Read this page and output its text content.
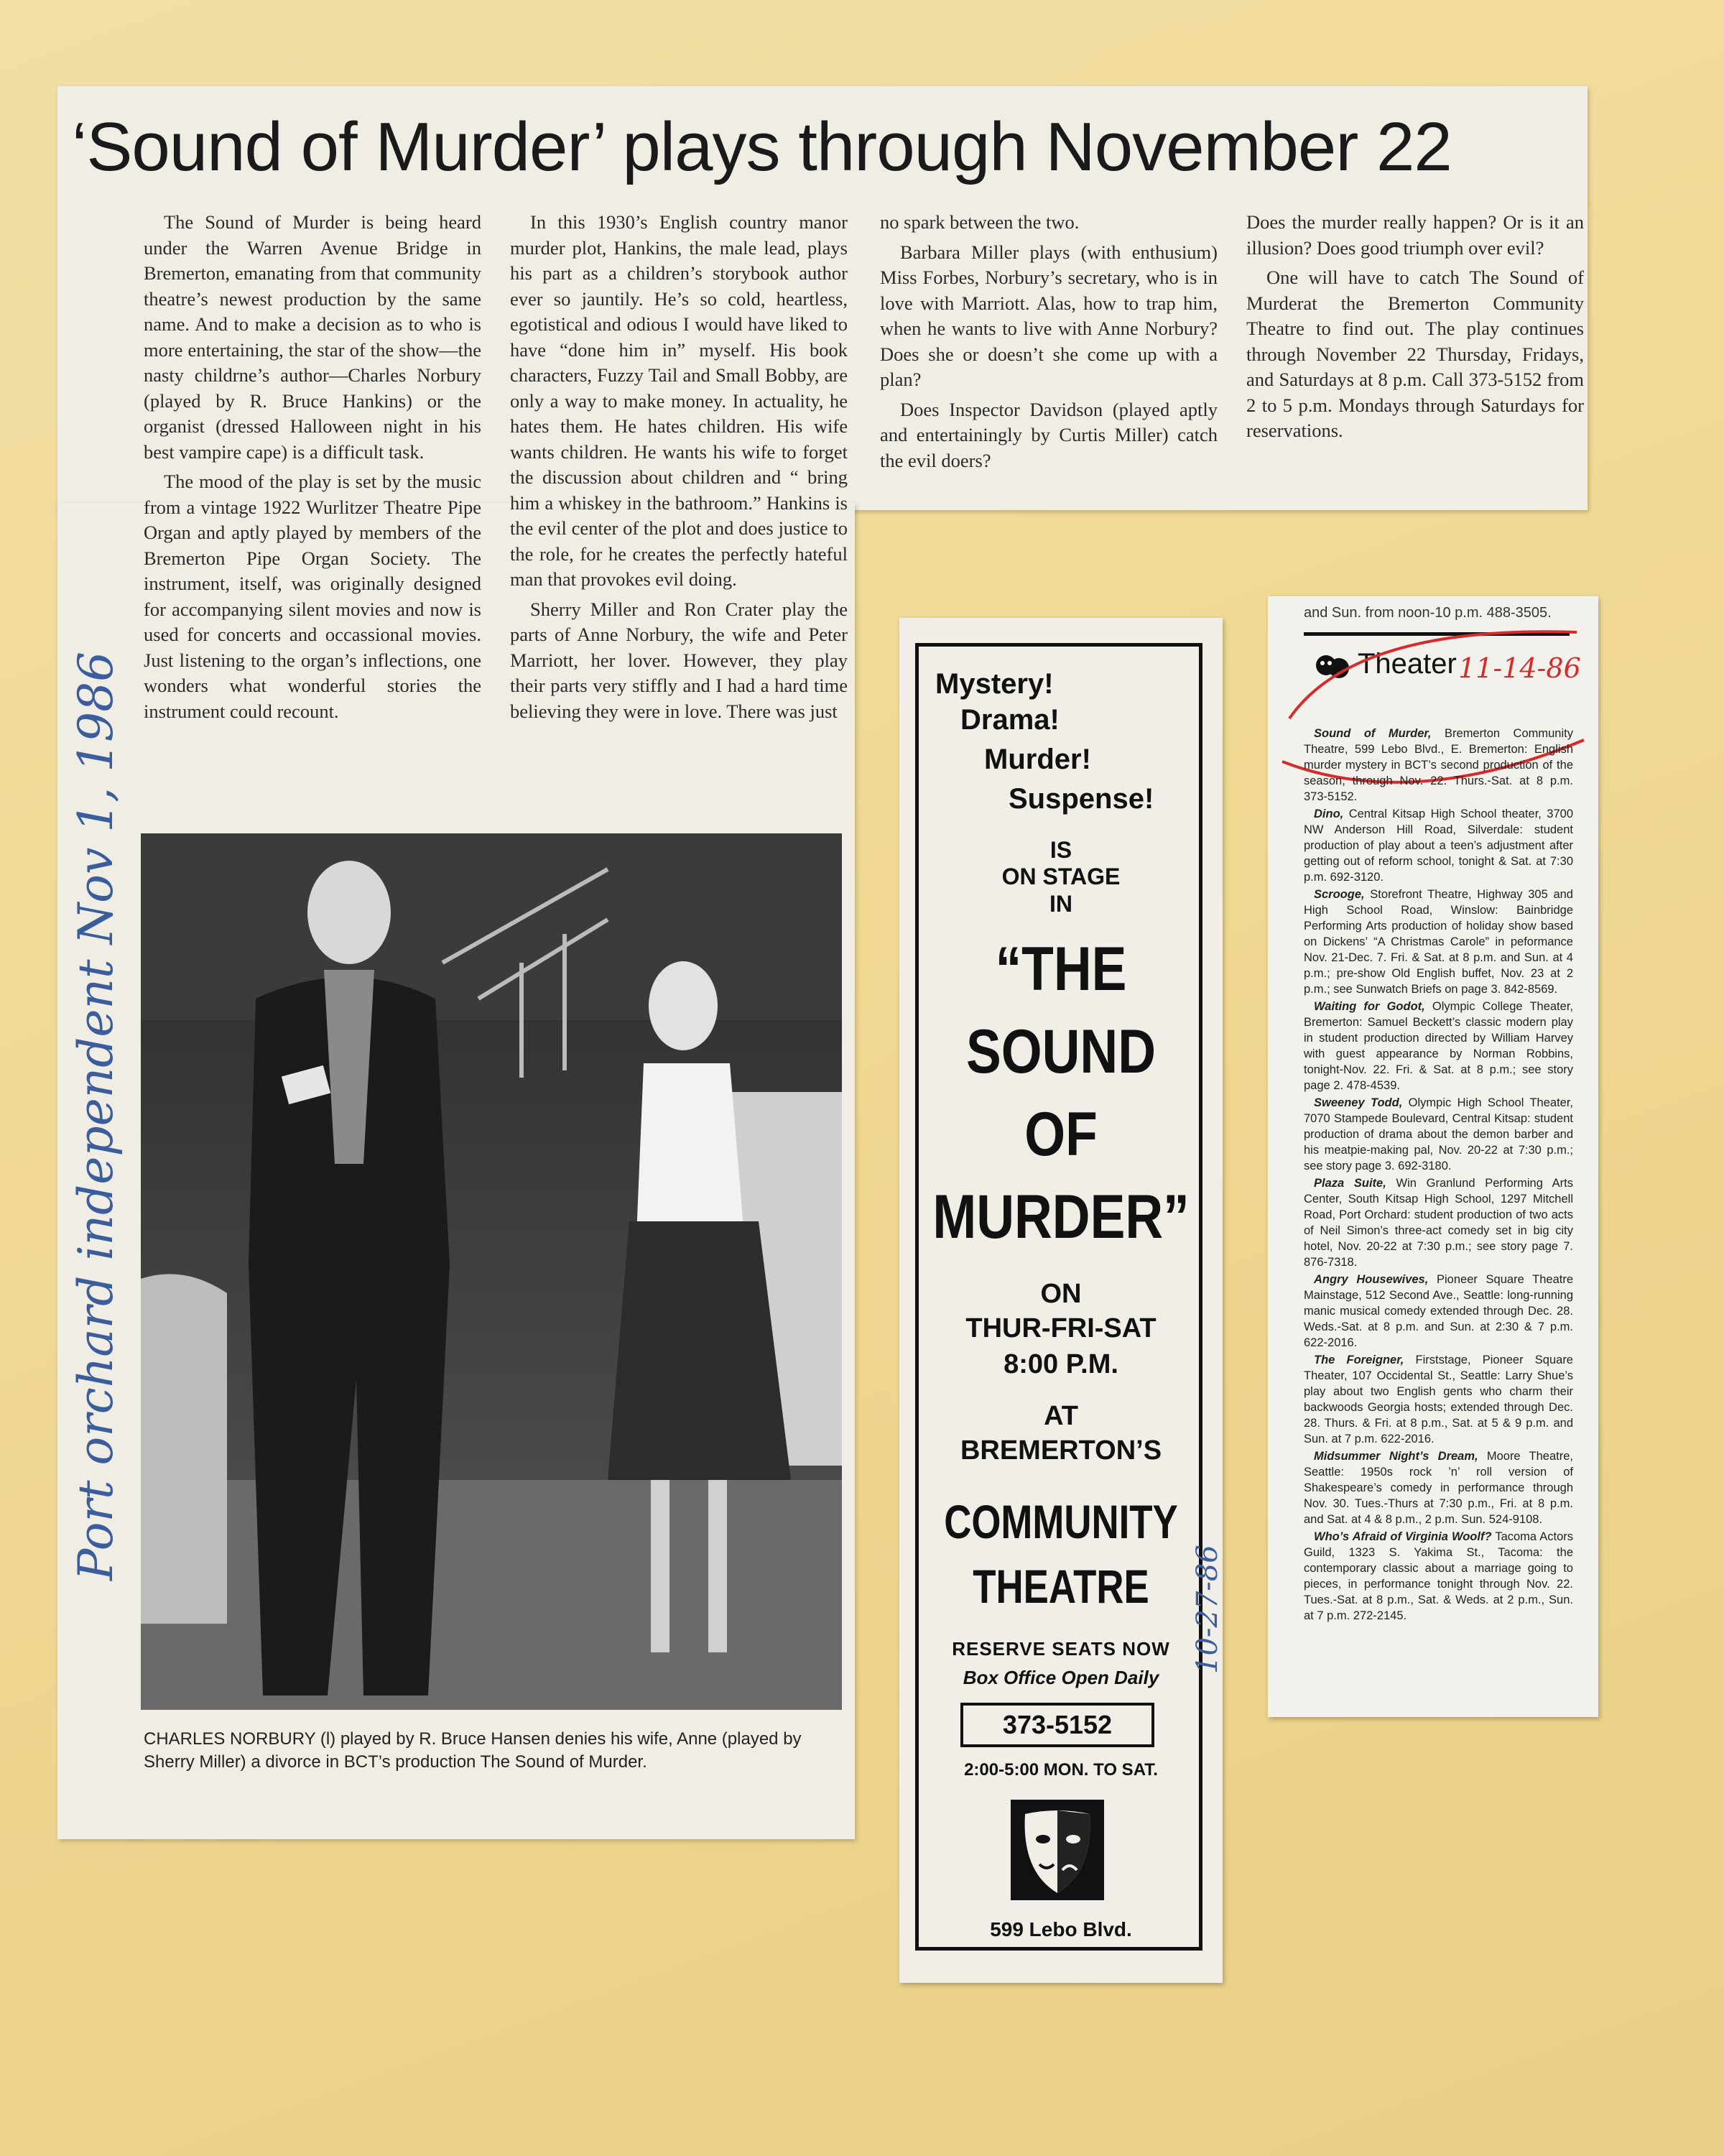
‘Sound of Murder’ plays through November 22

The Sound of Murder is being heard under the Warren Avenue Bridge in Bremerton, emanating from that community theatre’s newest production by the same name. And to make a decision as to who is more entertaining, the star of the show—the nasty childrne’s author—Charles Norbury (played by R. Bruce Hankins) or the organist (dressed Halloween night in his best vampire cape) is a difficult task.

The mood of the play is set by the music from a vintage 1922 Wurlitzer Theatre Pipe Organ and aptly played by members of the Bremerton Pipe Organ Society. The instrument, itself, was originally designed for accompanying silent movies and now is used for concerts and occassional movies. Just listening to the organ’s inflections, one wonders what wonderful stories the instrument could recount.

In this 1930’s English country manor murder plot, Hankins, the male lead, plays his part as a children’s storybook author ever so jauntily. He’s so cold, heartless, egotistical and odious I would have liked to have “done him in” myself. His book characters, Fuzzy Tail and Small Bobby, are only a way to make money. In actuality, he hates them. He hates children. His wife wants children. He wants his wife to forget the discussion about children and “ bring him a whiskey in the bathroom.” Hankins is the evil center of the plot and does justice to the role, for he creates the perfectly hateful man that provokes evil doing.

Sherry Miller and Ron Crater play the parts of Anne Norbury, the wife and Peter Marriott, her lover. However, they play their parts very stiffly and I had a hard time believing they were in love. There was just

no spark between the two.

Barbara Miller plays (with enthusium) Miss Forbes, Norbury’s secretary, who is in love with Marriott. Alas, how to trap him, when he wants to live with Anne Norbury? Does she or doesn’t she come up with a plan?

Does Inspector Davidson (played aptly and entertainingly by Curtis Miller) catch the evil doers?

Does the murder really happen? Or is it an illusion? Does good triumph over evil?

One will have to catch The Sound of Murderat the Bremerton Community Theatre to find out. The play continues through November 22 Thursday, Fridays, and Saturdays at 8 p.m. Call 373-5152 from 2 to 5 p.m. Mondays through Saturdays for reservations.

CHARLES NORBURY (l) played by R. Bruce Hansen denies his wife, Anne (played by Sherry Miller) a divorce in BCT’s production The Sound of Murder.
Port orchard independent Nov 1, 1986	Mystery!
Drama!
Murder!
Suspense!
IS
ON STAGE
IN
“THE
SOUND
OF
MURDER”
ON
THUR-FRI-SAT
8:00 P.M.
AT
BREMERTON’S
COMMUNITY
THEATRE
RESERVE SEATS NOW
Box Office Open Daily
373-5152
2:00-5:00 MON. TO SAT.
599 Lebo Blvd.
10-27-86
and Sun. from noon-10 p.m. 488-3505.
Theater 11-14-86

Sound of Murder, Bremerton Community Theatre, 599 Lebo Blvd., E. Bremerton: English murder mystery in BCT’s second production of the season, through Nov. 22. Thurs.-Sat. at 8 p.m. 373-5152.

Dino, Central Kitsap High School theater, 3700 NW Anderson Hill Road, Silverdale: student production of play about a teen’s adjustment after getting out of reform school, tonight & Sat. at 7:30 p.m. 692-3120.

Scrooge, Storefront Theatre, Highway 305 and High School Road, Winslow: Bainbridge Performing Arts production of holiday show based on Dickens’ “A Christmas Carole” in peformance Nov. 21-Dec. 7. Fri. & Sat. at 8 p.m. and Sun. at 4 p.m.; pre-show Old English buffet, Nov. 23 at 2 p.m.; see Sunwatch Briefs on page 3. 842-8569.

Waiting for Godot, Olympic College Theater, Bremerton: Samuel Beckett’s classic modern play in student production directed by William Harvey with guest appearance by Norman Robbins, tonight-Nov. 22. Fri. & Sat. at 8 p.m.; see story page 2. 478-4539.

Sweeney Todd, Olympic High School Theater, 7070 Stampede Boulevard, Central Kitsap: student production of drama about the demon barber and his meatpie-making pal, Nov. 20-22 at 7:30 p.m.; see story page 3. 692-3180.

Plaza Suite, Win Granlund Performing Arts Center, South Kitsap High School, 1297 Mitchell Road, Port Orchard: student production of two acts of Neil Simon’s three-act comedy set in big city hotel, Nov. 20-22 at 7:30 p.m.; see story page 7. 876-7318.

Angry Housewives, Pioneer Square Theatre Mainstage, 512 Second Ave., Seattle: long-running manic musical comedy extended through Dec. 28. Weds.-Sat. at 8 p.m. and Sun. at 2:30 & 7 p.m. 622-2016.

The Foreigner, Firststage, Pioneer Square Theater, 107 Occidental St., Seattle: Larry Shue’s play about two English gents who charm their backwoods Georgia hosts; extended through Dec. 28. Thurs. & Fri. at 8 p.m., Sat. at 5 & 9 p.m. and Sun. at 7 p.m. 622-2016.

Midsummer Night’s Dream, Moore Theatre, Seattle: 1950s rock ’n’ roll version of Shakespeare’s comedy in performance through Nov. 30. Tues.-Thurs at 7:30 p.m., Fri. at 8 p.m. and Sat. at 4 & 8 p.m., 2 p.m. Sun. 524-9108.

Who’s Afraid of Virginia Woolf? Tacoma Actors Guild, 1323 S. Yakima St., Tacoma: the contemporary classic about a marriage going to pieces, in performance tonight through Nov. 22. Tues.-Sat. at 8 p.m., Sat. & Weds. at 2 p.m., Sun. at 7 p.m. 272-2145.
